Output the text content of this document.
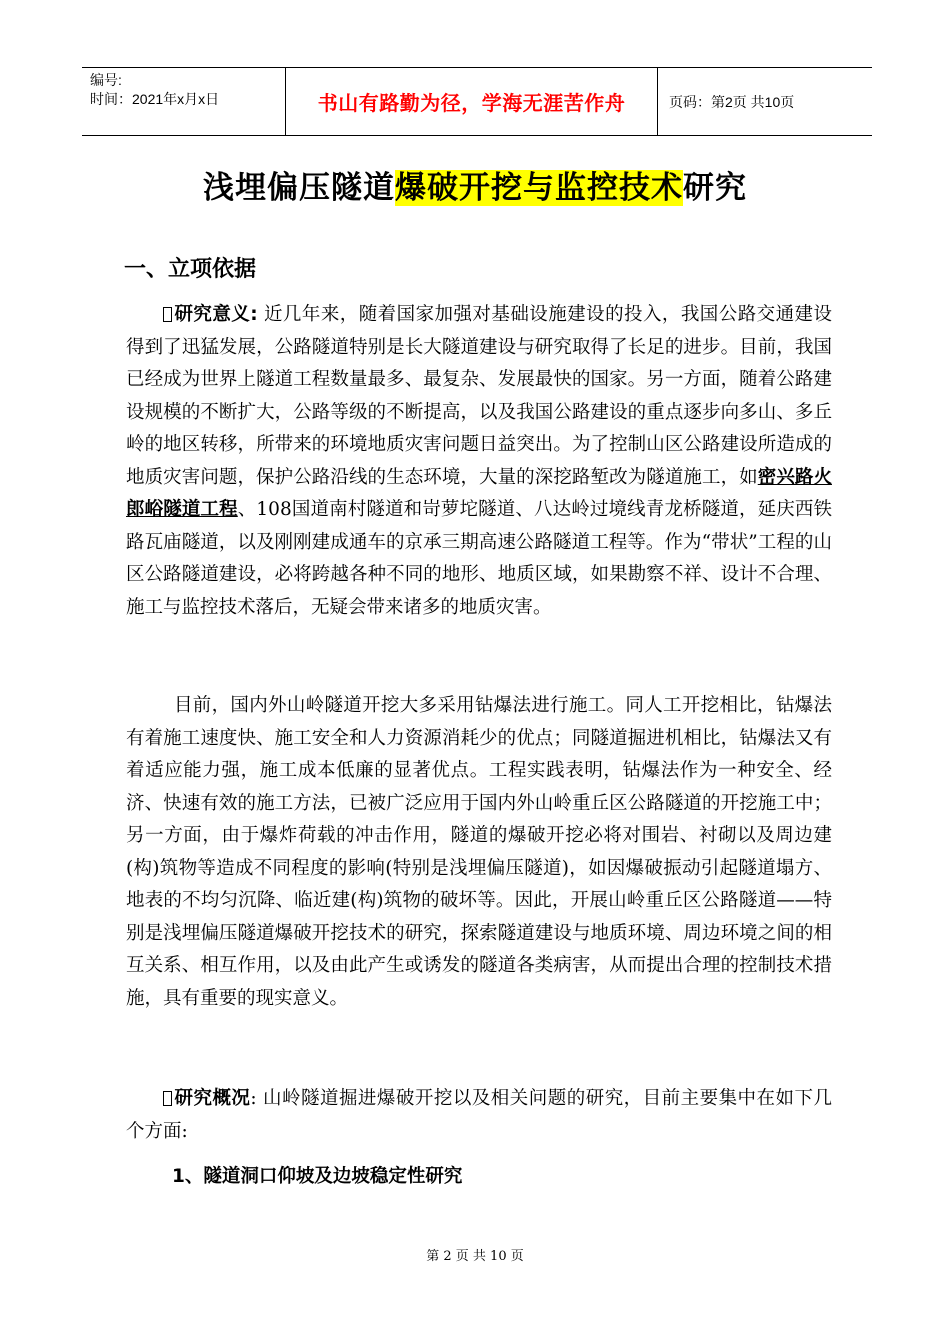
编号:
时间：2021年x月x日	书山有路勤为径，学海无涯苦作舟	页码：第2页 共10页
浅埋偏压隧道爆破开挖与监控技术研究
一、立项依据

研究意义: 近几年来，随着国家加强对基础设施建设的投入，我国公路交通建设得到了迅猛发展，公路隧道特别是长大隧道建设与研究取得了长足的进步。目前，我国已经成为世界上隧道工程数量最多、最复杂、发展最快的国家。另一方面，随着公路建设规模的不断扩大，公路等级的不断提高，以及我国公路建设的重点逐步向多山、多丘岭的地区转移，所带来的环境地质灾害问题日益突出。为了控制山区公路建设所造成的地质灾害问题，保护公路沿线的生态环境，大量的深挖路堑改为隧道施工，如密兴路火郎峪隧道工程、108国道南村隧道和岢萝坨隧道、八达岭过境线青龙桥隧道，延庆西铁路瓦庙隧道，以及刚刚建成通车的京承三期高速公路隧道工程等。作为“带状”工程的山区公路隧道建设，必将跨越各种不同的地形、地质区域，如果勘察不祥、设计不合理、施工与监控技术落后，无疑会带来诸多的地质灾害。

目前，国内外山岭隧道开挖大多采用钻爆法进行施工。同人工开挖相比，钻爆法有着施工速度快、施工安全和人力资源消耗少的优点；同隧道掘进机相比，钻爆法又有着适应能力强，施工成本低廉的显著优点。工程实践表明，钻爆法作为一种安全、经济、快速有效的施工方法，已被广泛应用于国内外山岭重丘区公路隧道的开挖施工中；另一方面，由于爆炸荷载的冲击作用，隧道的爆破开挖必将对围岩、衬砌以及周边建(构)筑物等造成不同程度的影响(特别是浅埋偏压隧道)，如因爆破振动引起隧道塌方、地表的不均匀沉降、临近建(构)筑物的破坏等。因此，开展山岭重丘区公路隧道——特别是浅埋偏压隧道爆破开挖技术的研究，探索隧道建设与地质环境、周边环境之间的相互关系、相互作用，以及由此产生或诱发的隧道各类病害，从而提出合理的控制技术措施，具有重要的现实意义。

研究概况: 山岭隧道掘进爆破开挖以及相关问题的研究，目前主要集中在如下几个方面:

1、隧道洞口仰坡及边坡稳定性研究
第 2 页 共 10 页
